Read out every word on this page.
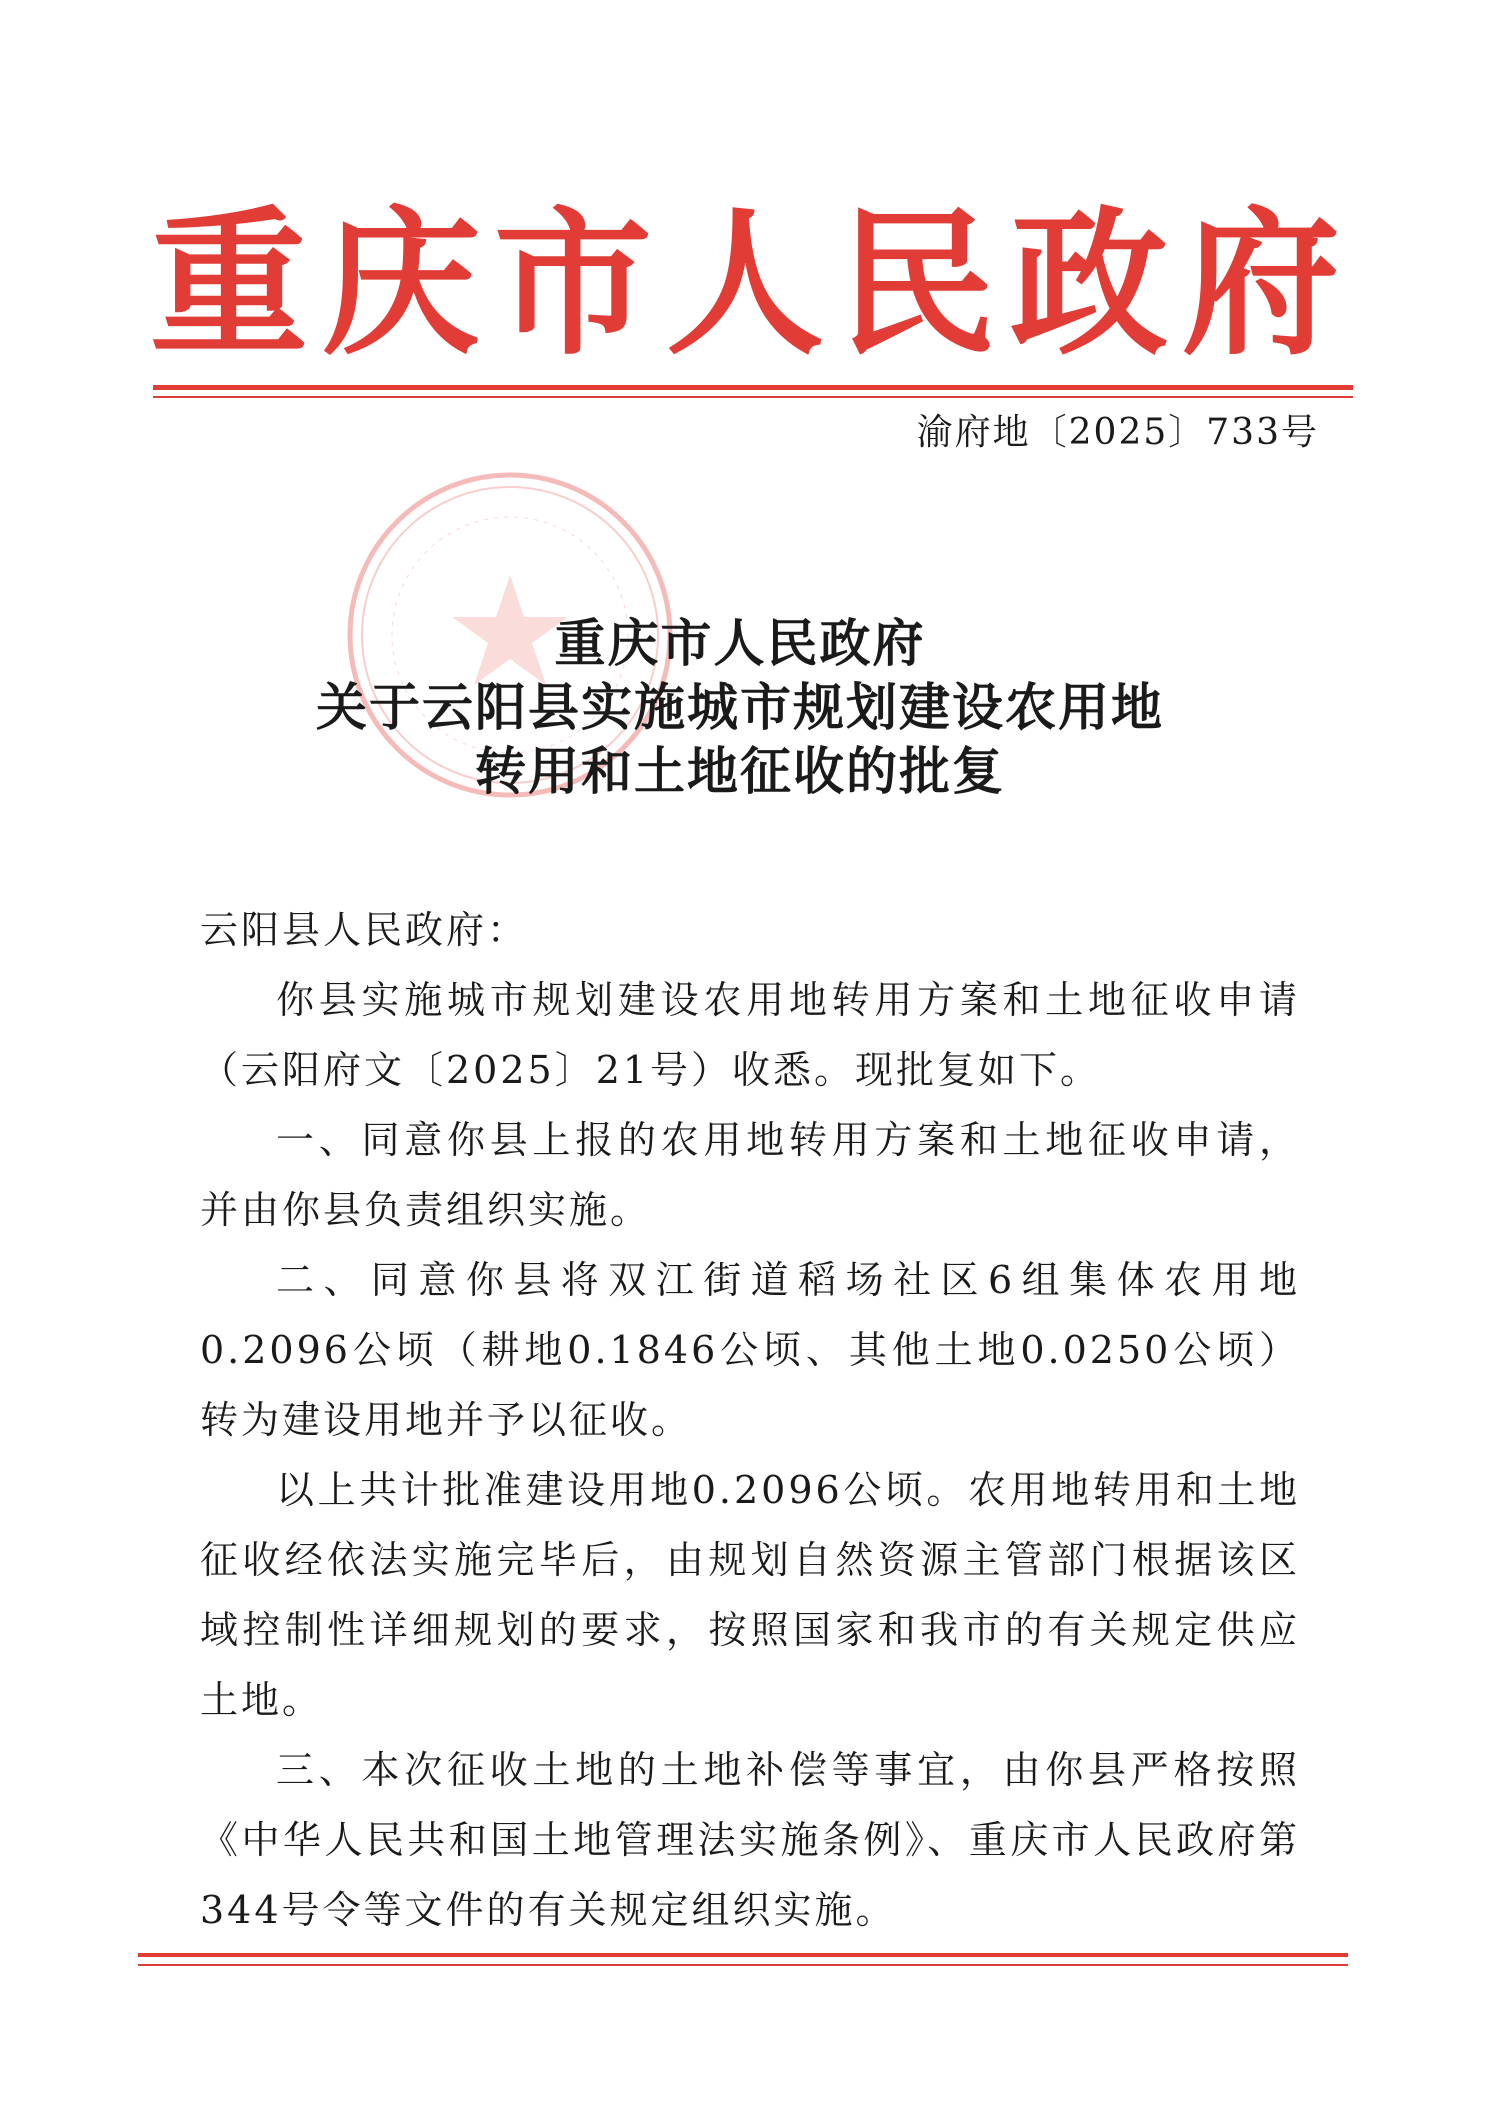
重庆市人民政府
渝府地〔2025〕733号
重庆市人民政府
关于云阳县实施城市规划建设农用地
转用和土地征收的批复

云阳县人民政府：

你县实施城市规划建设农用地转用方案和土地征收申请（云阳府文〔2025〕21号）收悉。现批复如下。

一、同意你县上报的农用地转用方案和土地征收申请，并由你县负责组织实施。

二、同意你县将双江街道稻场社区6组集体农用地0.2096公顷（耕地0.1846公顷、其他土地0.0250公顷）转为建设用地并予以征收。

以上共计批准建设用地0.2096公顷。农用地转用和土地征收经依法实施完毕后，由规划自然资源主管部门根据该区域控制性详细规划的要求，按照国家和我市的有关规定供应土地。

三、本次征收土地的土地补偿等事宜，由你县严格按照《中华人民共和国土地管理法实施条例》、重庆市人民政府第344号令等文件的有关规定组织实施。
